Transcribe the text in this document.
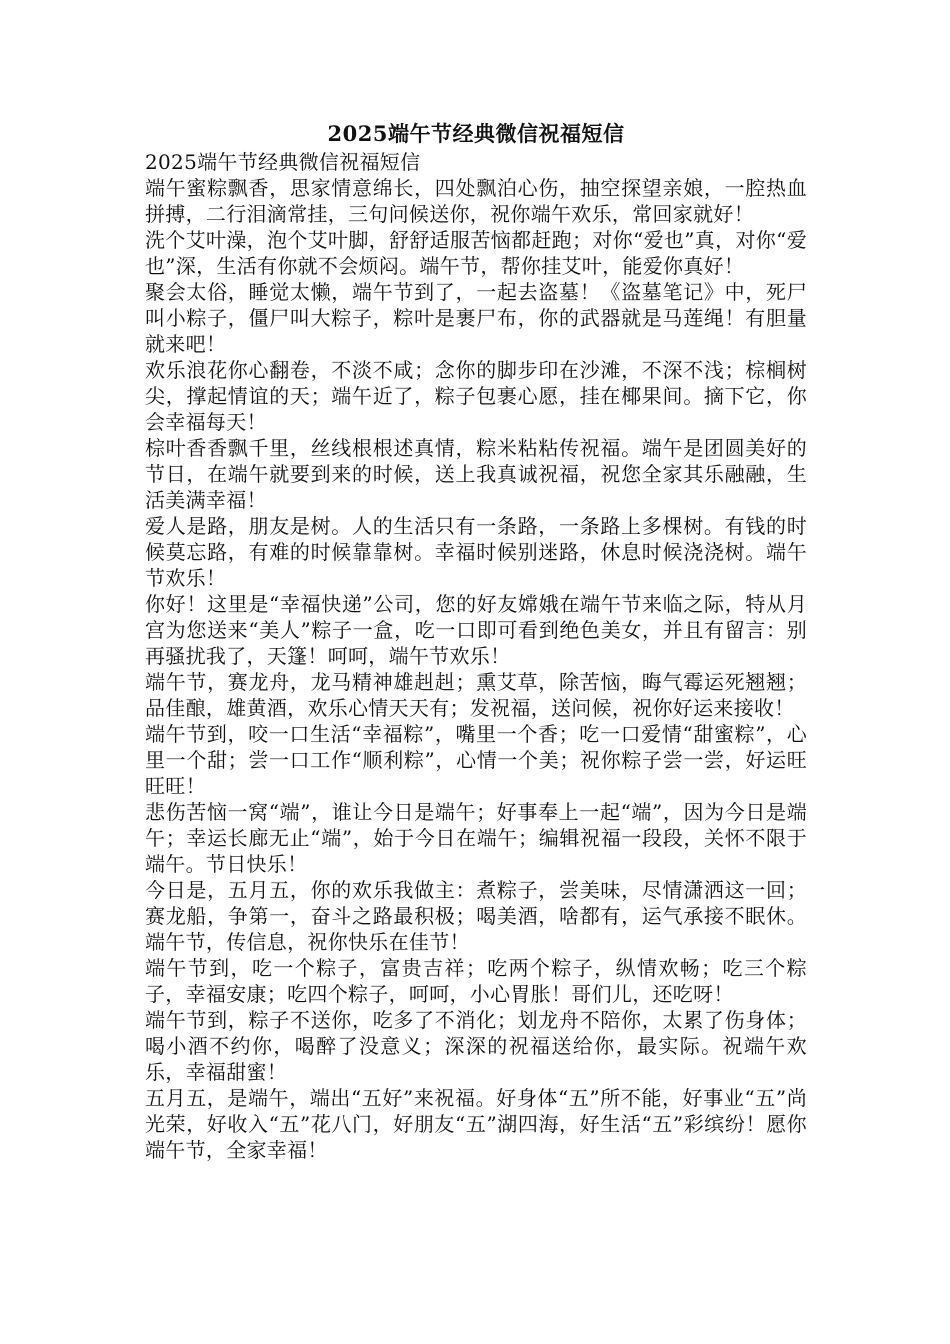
2025端午节经典微信祝福短信

2025端午节经典微信祝福短信

端午蜜粽飘香，思家情意绵长，四处飘泊心伤，抽空探望亲娘，一腔热血拼搏，二行泪滴常挂，三句问候送你，祝你端午欢乐，常回家就好！

洗个艾叶澡，泡个艾叶脚，舒舒适服苦恼都赶跑；对你“爱也”真，对你“爱也”深，生活有你就不会烦闷。端午节，帮你挂艾叶，能爱你真好！

聚会太俗，睡觉太懒，端午节到了，一起去盗墓！《盗墓笔记》中，死尸叫小粽子，僵尸叫大粽子，粽叶是裹尸布，你的武器就是马莲绳！有胆量就来吧！

欢乐浪花你心翻卷，不淡不咸；念你的脚步印在沙滩，不深不浅；棕榈树尖，撑起情谊的天；端午近了，粽子包裹心愿，挂在椰果间。摘下它，你会幸福每天！

棕叶香香飘千里，丝线根根述真情，粽米粘粘传祝福。端午是团圆美好的节日，在端午就要到来的时候，送上我真诚祝福，祝您全家其乐融融，生活美满幸福！

爱人是路，朋友是树。人的生活只有一条路，一条路上多棵树。有钱的时候莫忘路，有难的时候靠靠树。幸福时候别迷路，休息时候浇浇树。端午节欢乐！

你好！这里是“幸福快递”公司，您的好友嫦娥在端午节来临之际，特从月宫为您送来“美人”粽子一盒，吃一口即可看到绝色美女，并且有留言：别再骚扰我了，天篷！呵呵，端午节欢乐！

端午节，赛龙舟，龙马精神雄赳赳；熏艾草，除苦恼，晦气霉运死翘翘；品佳酿，雄黄酒，欢乐心情天天有；发祝福，送问候，祝你好运来接收！

端午节到，咬一口生活“幸福粽”，嘴里一个香；吃一口爱情“甜蜜粽”，心里一个甜；尝一口工作“顺利粽”，心情一个美；祝你粽子尝一尝，好运旺旺旺！

悲伤苦恼一窝“端”，谁让今日是端午；好事奉上一起“端”，因为今日是端午；幸运长廊无止“端”，始于今日在端午；编辑祝福一段段，关怀不限于端午。节日快乐！

今日是，五月五，你的欢乐我做主：煮粽子，尝美味，尽情潇洒这一回；赛龙船，争第一，奋斗之路最积极；喝美酒，啥都有，运气承接不眠休。端午节，传信息，祝你快乐在佳节！

端午节到，吃一个粽子，富贵吉祥；吃两个粽子，纵情欢畅；吃三个粽子，幸福安康；吃四个粽子，呵呵，小心胃胀！哥们儿，还吃呀！

端午节到，粽子不送你，吃多了不消化；划龙舟不陪你，太累了伤身体；喝小酒不约你，喝醉了没意义；深深的祝福送给你，最实际。祝端午欢乐，幸福甜蜜！

五月五，是端午，端出“五好”来祝福。好身体“五”所不能，好事业“五”尚光荣，好收入“五”花八门，好朋友“五”湖四海，好生活“五”彩缤纷！愿你端午节，全家幸福！
